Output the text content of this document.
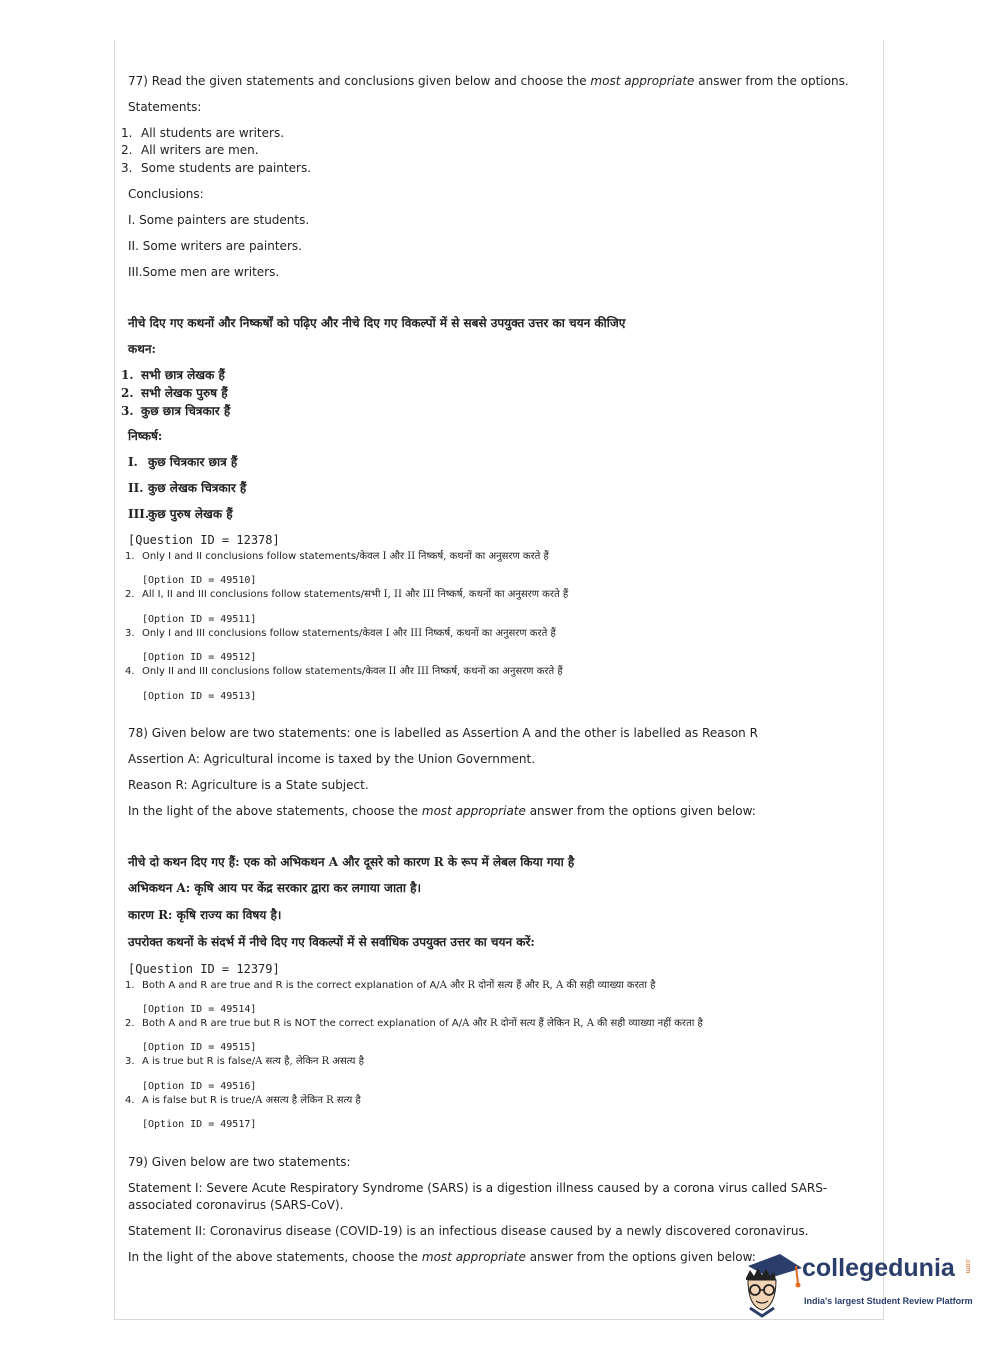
77) Read the given statements and conclusions given below and choose the most appropriate answer from the options.
Statements:
1. All students are writers.
2. All writers are men.
3. Some students are painters.
Conclusions:
I. Some painters are students.
II. Some writers are painters.
III.Some men are writers.
नीचे दिए गए कथनों और निष्कर्षों को पढ़िए और नीचे दिए गए विकल्पों में से सबसे उपयुक्त उत्तर का चयन कीजिए
कथन:
1. सभी छात्र लेखक हैं
2. सभी लेखक पुरुष हैं
3. कुछ छात्र चित्रकार हैं
निष्कर्ष:
I. कुछ चित्रकार छात्र हैं
II. कुछ लेखक चित्रकार हैं
III.कुछ पुरुष लेखक हैं
[Question ID = 12378]
1. Only I and II conclusions follow statements/केवल I और II निष्कर्ष, कथनों का अनुसरण करते हैं
[Option ID = 49510]
2. All I, II and III conclusions follow statements/सभी I, II और III निष्कर्ष, कथनों का अनुसरण करते हैं
[Option ID = 49511]
3. Only I and III conclusions follow statements/केवल I और III निष्कर्ष, कथनों का अनुसरण करते हैं
[Option ID = 49512]
4. Only II and III conclusions follow statements/केवल II और III निष्कर्ष, कथनों का अनुसरण करते हैं
[Option ID = 49513]
78) Given below are two statements: one is labelled as Assertion A and the other is labelled as Reason R
Assertion A: Agricultural income is taxed by the Union Government.
Reason R: Agriculture is a State subject.
In the light of the above statements, choose the most appropriate answer from the options given below:
नीचे दो कथन दिए गए हैं: एक को अभिकथन A और दूसरे को कारण R के रूप में लेबल किया गया है
अभिकथन A: कृषि आय पर केंद्र सरकार द्वारा कर लगाया जाता है।
कारण R: कृषि राज्य का विषय है।
उपरोक्त कथनों के संदर्भ में नीचे दिए गए विकल्पों में से सर्वाधिक उपयुक्त उत्तर का चयन करें:
[Question ID = 12379]
1. Both A and R are true and R is the correct explanation of A/A और R दोनों सत्य हैं और R, A की सही व्याख्या करता है
[Option ID = 49514]
2. Both A and R are true but R is NOT the correct explanation of A/A और R दोनों सत्य हैं लेकिन R, A की सही व्याख्या नहीं करता है
[Option ID = 49515]
3. A is true but R is false/A सत्य है, लेकिन R असत्य है
[Option ID = 49516]
4. A is false but R is true/A असत्य है लेकिन R सत्य है
[Option ID = 49517]
79) Given below are two statements:
Statement I: Severe Acute Respiratory Syndrome (SARS) is a digestion illness caused by a corona virus called SARS-
associated coronavirus (SARS-CoV).
Statement II: Coronavirus disease (COVID-19) is an infectious disease caused by a newly discovered coronavirus.
In the light of the above statements, choose the most appropriate answer from the options given below: collegedunia .com
India's largest Student Review Platform
